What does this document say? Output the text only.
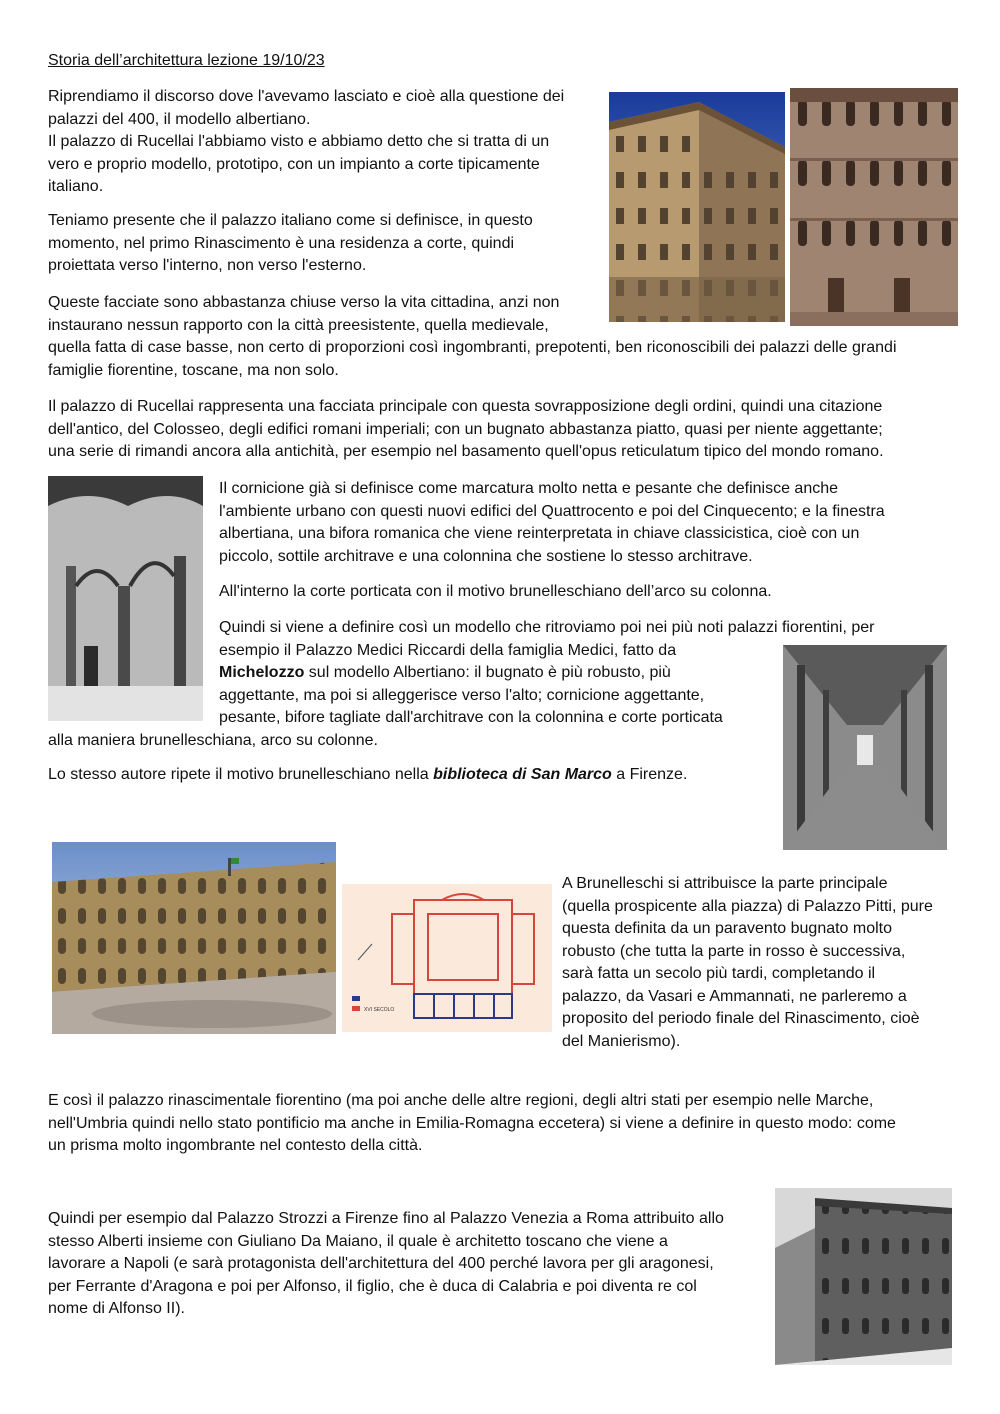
Storia dell’architettura lezione 19/10/23
Riprendiamo il discorso dove l'avevamo lasciato e cioè alla questione dei
palazzi del 400, il modello albertiano.
Il palazzo di Rucellai l'abbiamo visto e abbiamo detto che si tratta di un
vero e proprio modello, prototipo, con un impianto a corte tipicamente
italiano.
Teniamo presente che il palazzo italiano come si definisce, in questo
momento, nel primo Rinascimento è una residenza a corte, quindi
proiettata verso l'interno, non verso l'esterno.
Queste facciate sono abbastanza chiuse verso la vita cittadina, anzi non
instaurano nessun rapporto con la città preesistente, quella medievale,
quella fatta di case basse, non certo di proporzioni così ingombranti, prepotenti, ben riconoscibili dei palazzi delle grandi
famiglie fiorentine, toscane, ma non solo.
Il palazzo di Rucellai rappresenta una facciata principale con questa sovrapposizione degli ordini, quindi una citazione
dell'antico, del Colosseo, degli edifici romani imperiali; con un bugnato abbastanza piatto, quasi per niente aggettante;
una serie di rimandi ancora alla antichità, per esempio nel basamento quell'opus reticulatum tipico del mondo romano.
Il cornicione già si definisce come marcatura molto netta e pesante che definisce anche
l'ambiente urbano con questi nuovi edifici del Quattrocento e poi del Cinquecento; e la finestra
albertiana, una bifora romanica che viene reinterpretata in chiave classicistica, cioè con un
piccolo, sottile architrave e una colonnina che sostiene lo stesso architrave.
All'interno la corte porticata con il motivo brunelleschiano dell’arco su colonna.
Quindi si viene a definire così un modello che ritroviamo poi nei più noti palazzi fiorentini, per
esempio il Palazzo Medici Riccardi della famiglia Medici, fatto da
Michelozzo sul modello Albertiano: il bugnato è più robusto, più
aggettante, ma poi si alleggerisce verso l'alto; cornicione aggettante,
pesante, bifore tagliate dall'architrave con la colonnina e corte porticata
alla maniera brunelleschiana, arco su colonne.
Lo stesso autore ripete il motivo brunelleschiano nella biblioteca di San Marco a Firenze.
A Brunelleschi si attribuisce la parte principale
(quella prospicente alla piazza) di Palazzo Pitti, pure
questa definita da un paravento bugnato molto
robusto (che tutta la parte in rosso è successiva,
sarà fatta un secolo più tardi, completando il
palazzo, da Vasari e Ammannati, ne parleremo a
proposito del periodo finale del Rinascimento, cioè
del Manierismo).
E così il palazzo rinascimentale fiorentino (ma poi anche delle altre regioni, degli altri stati per esempio nelle Marche,
nell'Umbria quindi nello stato pontificio ma anche in Emilia-Romagna eccetera) si viene a definire in questo modo: come
un prisma molto ingombrante nel contesto della città.
Quindi per esempio dal Palazzo Strozzi a Firenze fino al Palazzo Venezia a Roma attribuito allo
stesso Alberti insieme con Giuliano Da Maiano, il quale è architetto toscano che viene a
lavorare a Napoli (e sarà protagonista dell'architettura del 400 perché lavora per gli aragonesi,
per Ferrante d'Aragona e poi per Alfonso, il figlio, che è duca di Calabria e poi diventa re col
nome di Alfonso II).
XVI SECOLO
